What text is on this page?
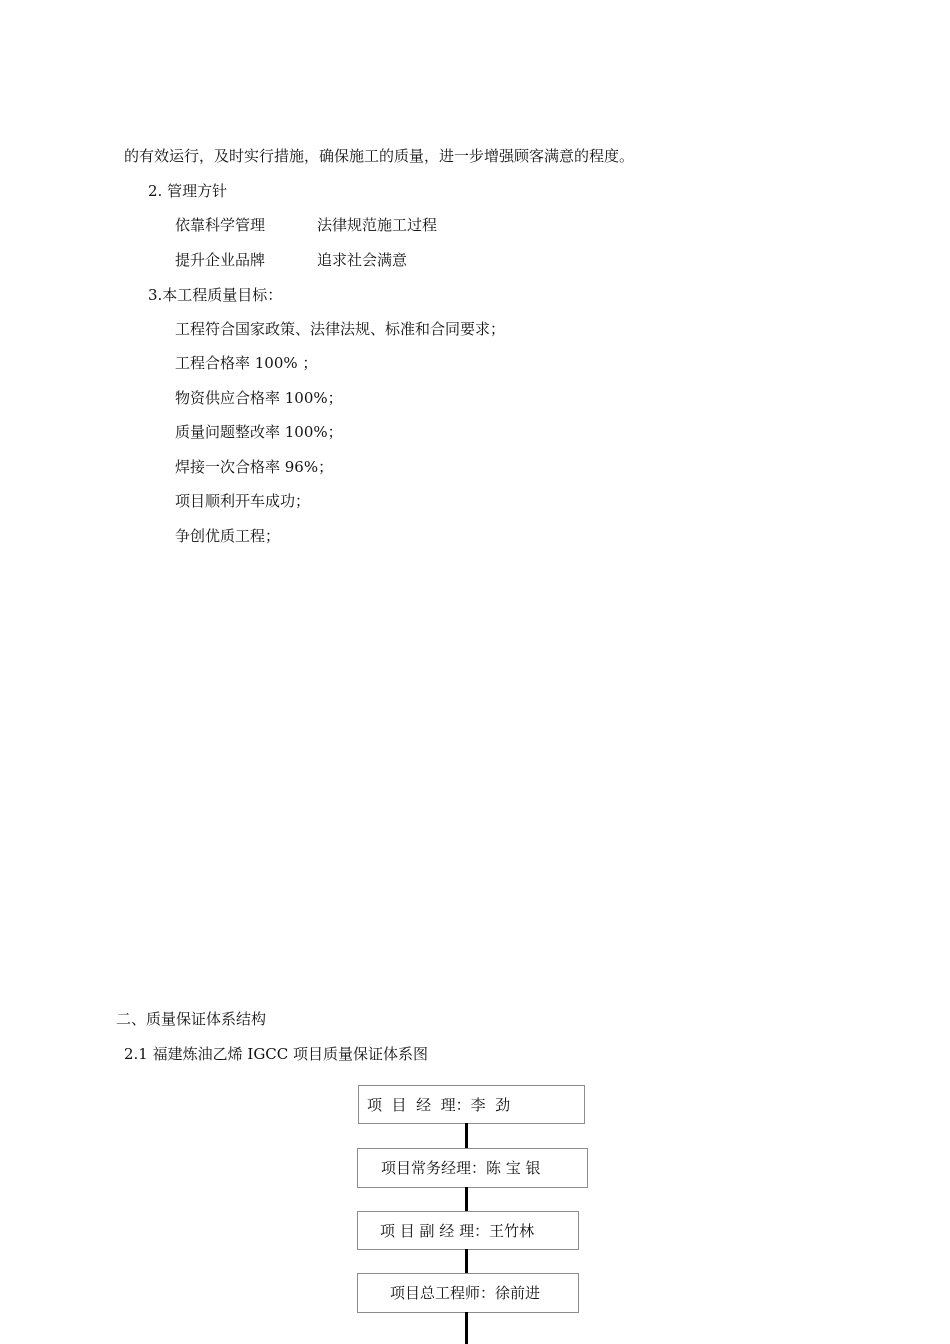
的有效运行，及时实行措施，确保施工的质量，进一步增强顾客满意的程度。
2. 管理方针
依靠科学管理	法律规范施工过程
提升企业品牌	追求社会满意
3.本工程质量目标：
工程符合国家政策、法律法规、标准和合同要求；
工程合格率 100% ；
物资供应合格率 100%；
质量问题整改率 100%；
焊接一次合格率 96%；
项目顺利开车成功；
争创优质工程；
二、质量保证体系结构
2.1 福建炼油乙烯 IGCC 项目质量保证体系图

项  目  经  理：李  劲

项目常务经理：陈 宝 银

项 目 副 经 理：王竹林

项目总工程师：徐前进
